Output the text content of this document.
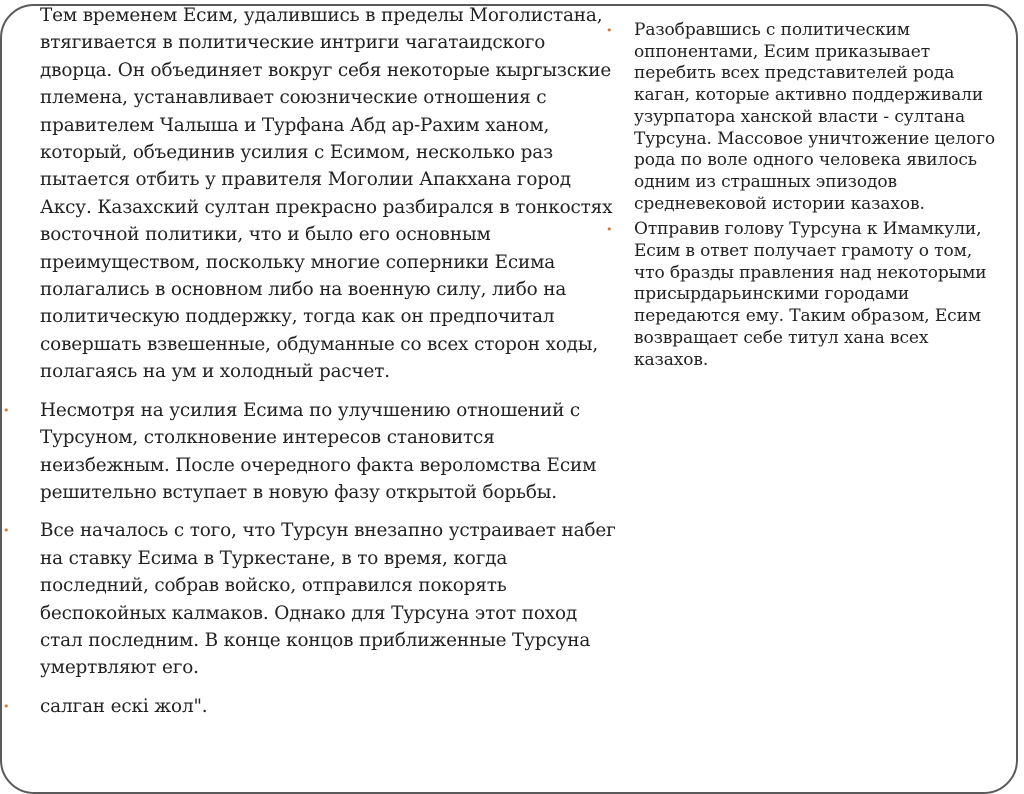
Тем временем Есим, удалившись в пределы Моголистана, втягивается в политические интриги чагатаидского дворца. Он объединяет вокруг себя некоторые кыргызские племена, устанавливает союзнические отношения с правителем Чалыша и Турфана Абд ар-Рахим ханом, который, объединив усилия с Есимом, несколько раз пытается отбить у правителя Моголии Апакхана город Аксу. Казахский султан прекрасно разбирался в тонкостях восточной политики, что и было его основным преимуществом, поскольку многие соперники Есима полагались в основном либо на военную силу, либо на политическую поддержку, тогда как он предпочитал совершать взвешенные, обдуманные со всех сторон ходы, полагаясь на ум и холодный расчет.

• Несмотря на усилия Есима по улучшению отношений с Турсуном, столкновение интересов становится неизбежным. После очередного факта вероломства Есим решительно вступает в новую фазу открытой борьбы.

• Все началось с того, что Турсун внезапно устраивает набег на ставку Есима в Туркестане, в то время, когда последний, собрав войско, отправился покорять беспокойных калмаков. Однако для Турсуна этот поход стал последним. В конце концов приближенные Турсуна умертвляют его.

• салган ескі жол".

• Разобравшись с политическим оппонентами, Есим приказывает перебить всех представителей рода каган, которые активно поддерживали узурпатора ханской власти - султана Турсуна. Массовое уничтожение целого рода по воле одного человека явилось одним из страшных эпизодов средневековой истории казахов.

• Отправив голову Турсуна к Имамкули, Есим в ответ получает грамоту о том, что бразды правления над некоторыми присырдарьинскими городами передаются ему. Таким образом, Есим возвращает себе титул хана всех казахов.
